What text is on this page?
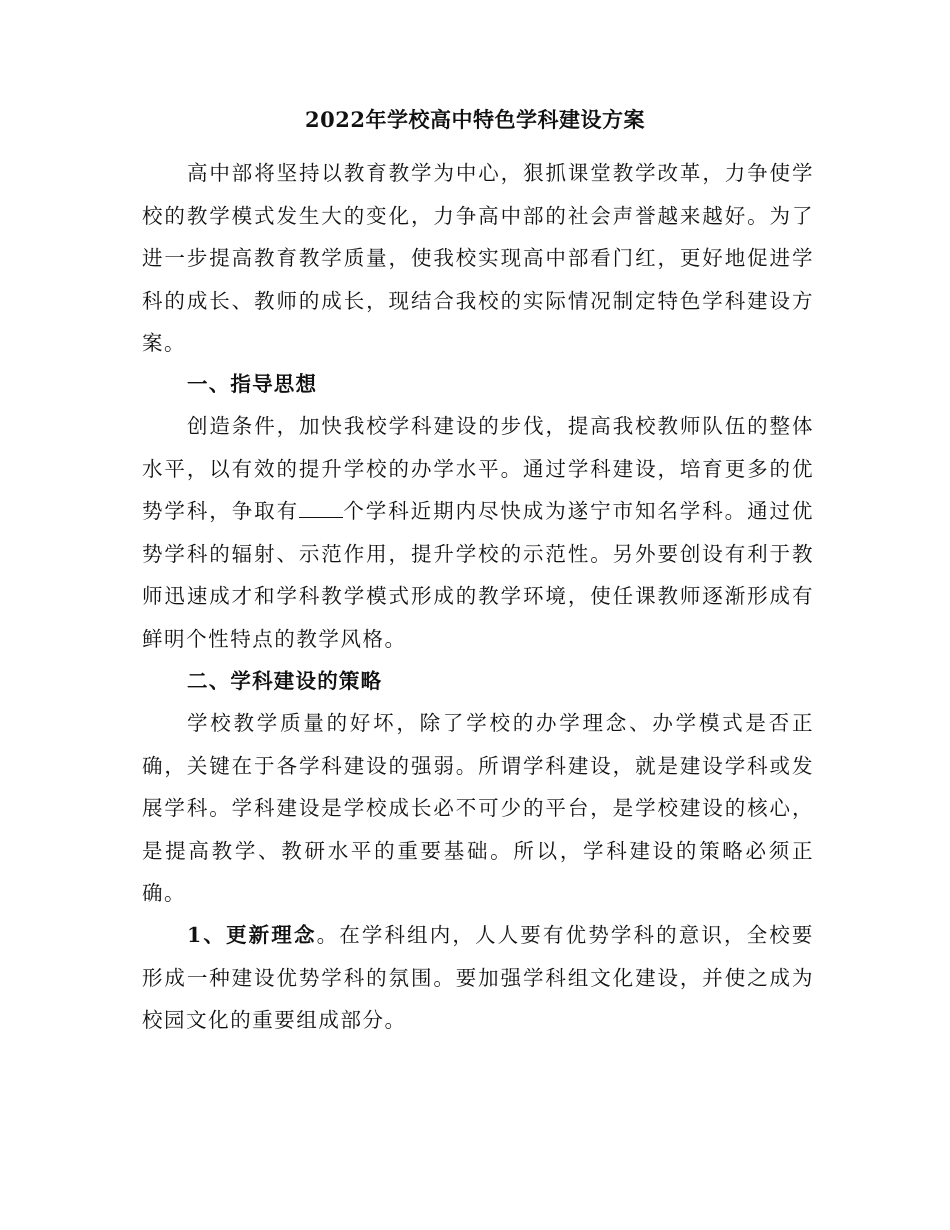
2022年学校高中特色学科建设方案

高中部将坚持以教育教学为中心，狠抓课堂教学改革，力争使学校的教学模式发生大的变化，力争高中部的社会声誉越来越好。为了进一步提高教育教学质量，使我校实现高中部看门红，更好地促进学科的成长、教师的成长，现结合我校的实际情况制定特色学科建设方案。

一、指导思想

创造条件，加快我校学科建设的步伐，提高我校教师队伍的整体水平，以有效的提升学校的办学水平。通过学科建设，培育更多的优势学科，争取有 个学科近期内尽快成为遂宁市知名学科。通过优势学科的辐射、示范作用，提升学校的示范性。另外要创设有利于教师迅速成才和学科教学模式形成的教学环境，使任课教师逐渐形成有鲜明个性特点的教学风格。

二、学科建设的策略

学校教学质量的好坏，除了学校的办学理念、办学模式是否正确，关键在于各学科建设的强弱。所谓学科建设，就是建设学科或发展学科。学科建设是学校成长必不可少的平台，是学校建设的核心，是提高教学、教研水平的重要基础。所以，学科建设的策略必须正确。

1、更新理念。在学科组内，人人要有优势学科的意识，全校要形成一种建设优势学科的氛围。要加强学科组文化建设，并使之成为校园文化的重要组成部分。
